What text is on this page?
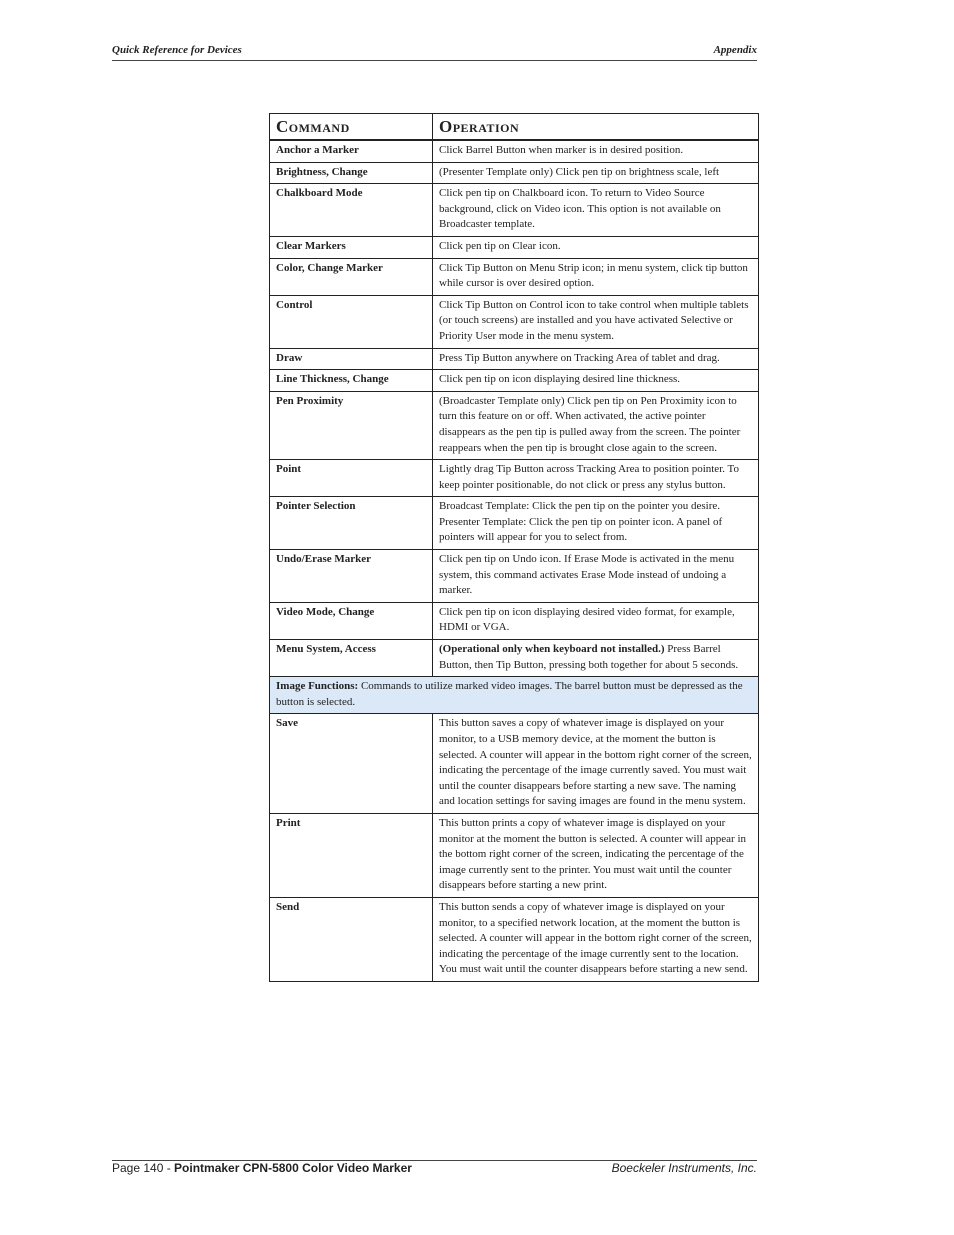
Quick Reference for Devices	Appendix
Command	Operation
Anchor a Marker	Click Barrel Button when marker is in desired position.
Brightness, Change	(Presenter Template only) Click pen tip on brightness scale, left
Chalkboard Mode	Click pen tip on Chalkboard icon. To return to Video Source background, click on Video icon. This option is not available on Broadcaster template.
Clear Markers	Click pen tip on Clear icon.
Color, Change Marker	Click Tip Button on Menu Strip icon; in menu system, click tip button while cursor is over desired option.
Control	Click Tip Button on Control icon to take control when multiple tablets (or touch screens) are installed and you have activated Selective or Priority User mode in the menu system.
Draw	Press Tip Button anywhere on Tracking Area of tablet and drag.
Line Thickness, Change	Click pen tip on icon displaying desired line thickness.
Pen Proximity	(Broadcaster Template only) Click pen tip on Pen Proximity icon to turn this feature on or off. When activated, the active pointer disappears as the pen tip is pulled away from the screen. The pointer reappears when the pen tip is brought close again to the screen.
Point	Lightly drag Tip Button across Tracking Area to position pointer. To keep pointer positionable, do not click or press any stylus button.
Pointer Selection	Broadcast Template: Click the pen tip on the pointer you desire. Presenter Template: Click the pen tip on pointer icon. A panel of pointers will appear for you to select from.
Undo/Erase Marker	Click pen tip on Undo icon. If Erase Mode is activated in the menu system, this command activates Erase Mode instead of undoing a marker.
Video Mode, Change	Click pen tip on icon displaying desired video format, for example, HDMI or VGA.
Menu System, Access	(Operational only when keyboard not installed.) Press Barrel Button, then Tip Button, pressing both together for about 5 seconds.
Image Functions: Commands to utilize marked video images. The barrel button must be depressed as the button is selected.	
Save	This button saves a copy of whatever image is displayed on your monitor, to a USB memory device, at the moment the button is selected. A counter will appear in the bottom right corner of the screen, indicating the percentage of the image currently saved. You must wait until the counter disappears before starting a new save. The naming and location settings for saving images are found in the menu system.
Print	This button prints a copy of whatever image is displayed on your monitor at the moment the button is selected. A counter will appear in the bottom right corner of the screen, indicating the percentage of the image currently sent to the printer. You must wait until the counter disappears before starting a new print.
Send	This button sends a copy of whatever image is displayed on your monitor, to a specified network location, at the moment the button is selected. A counter will appear in the bottom right corner of the screen, indicating the percentage of the image currently sent to the location. You must wait until the counter disappears before starting a new send.
Page 140 - Pointmaker CPN-5800 Color Video Marker	Boeckeler Instruments, Inc.
